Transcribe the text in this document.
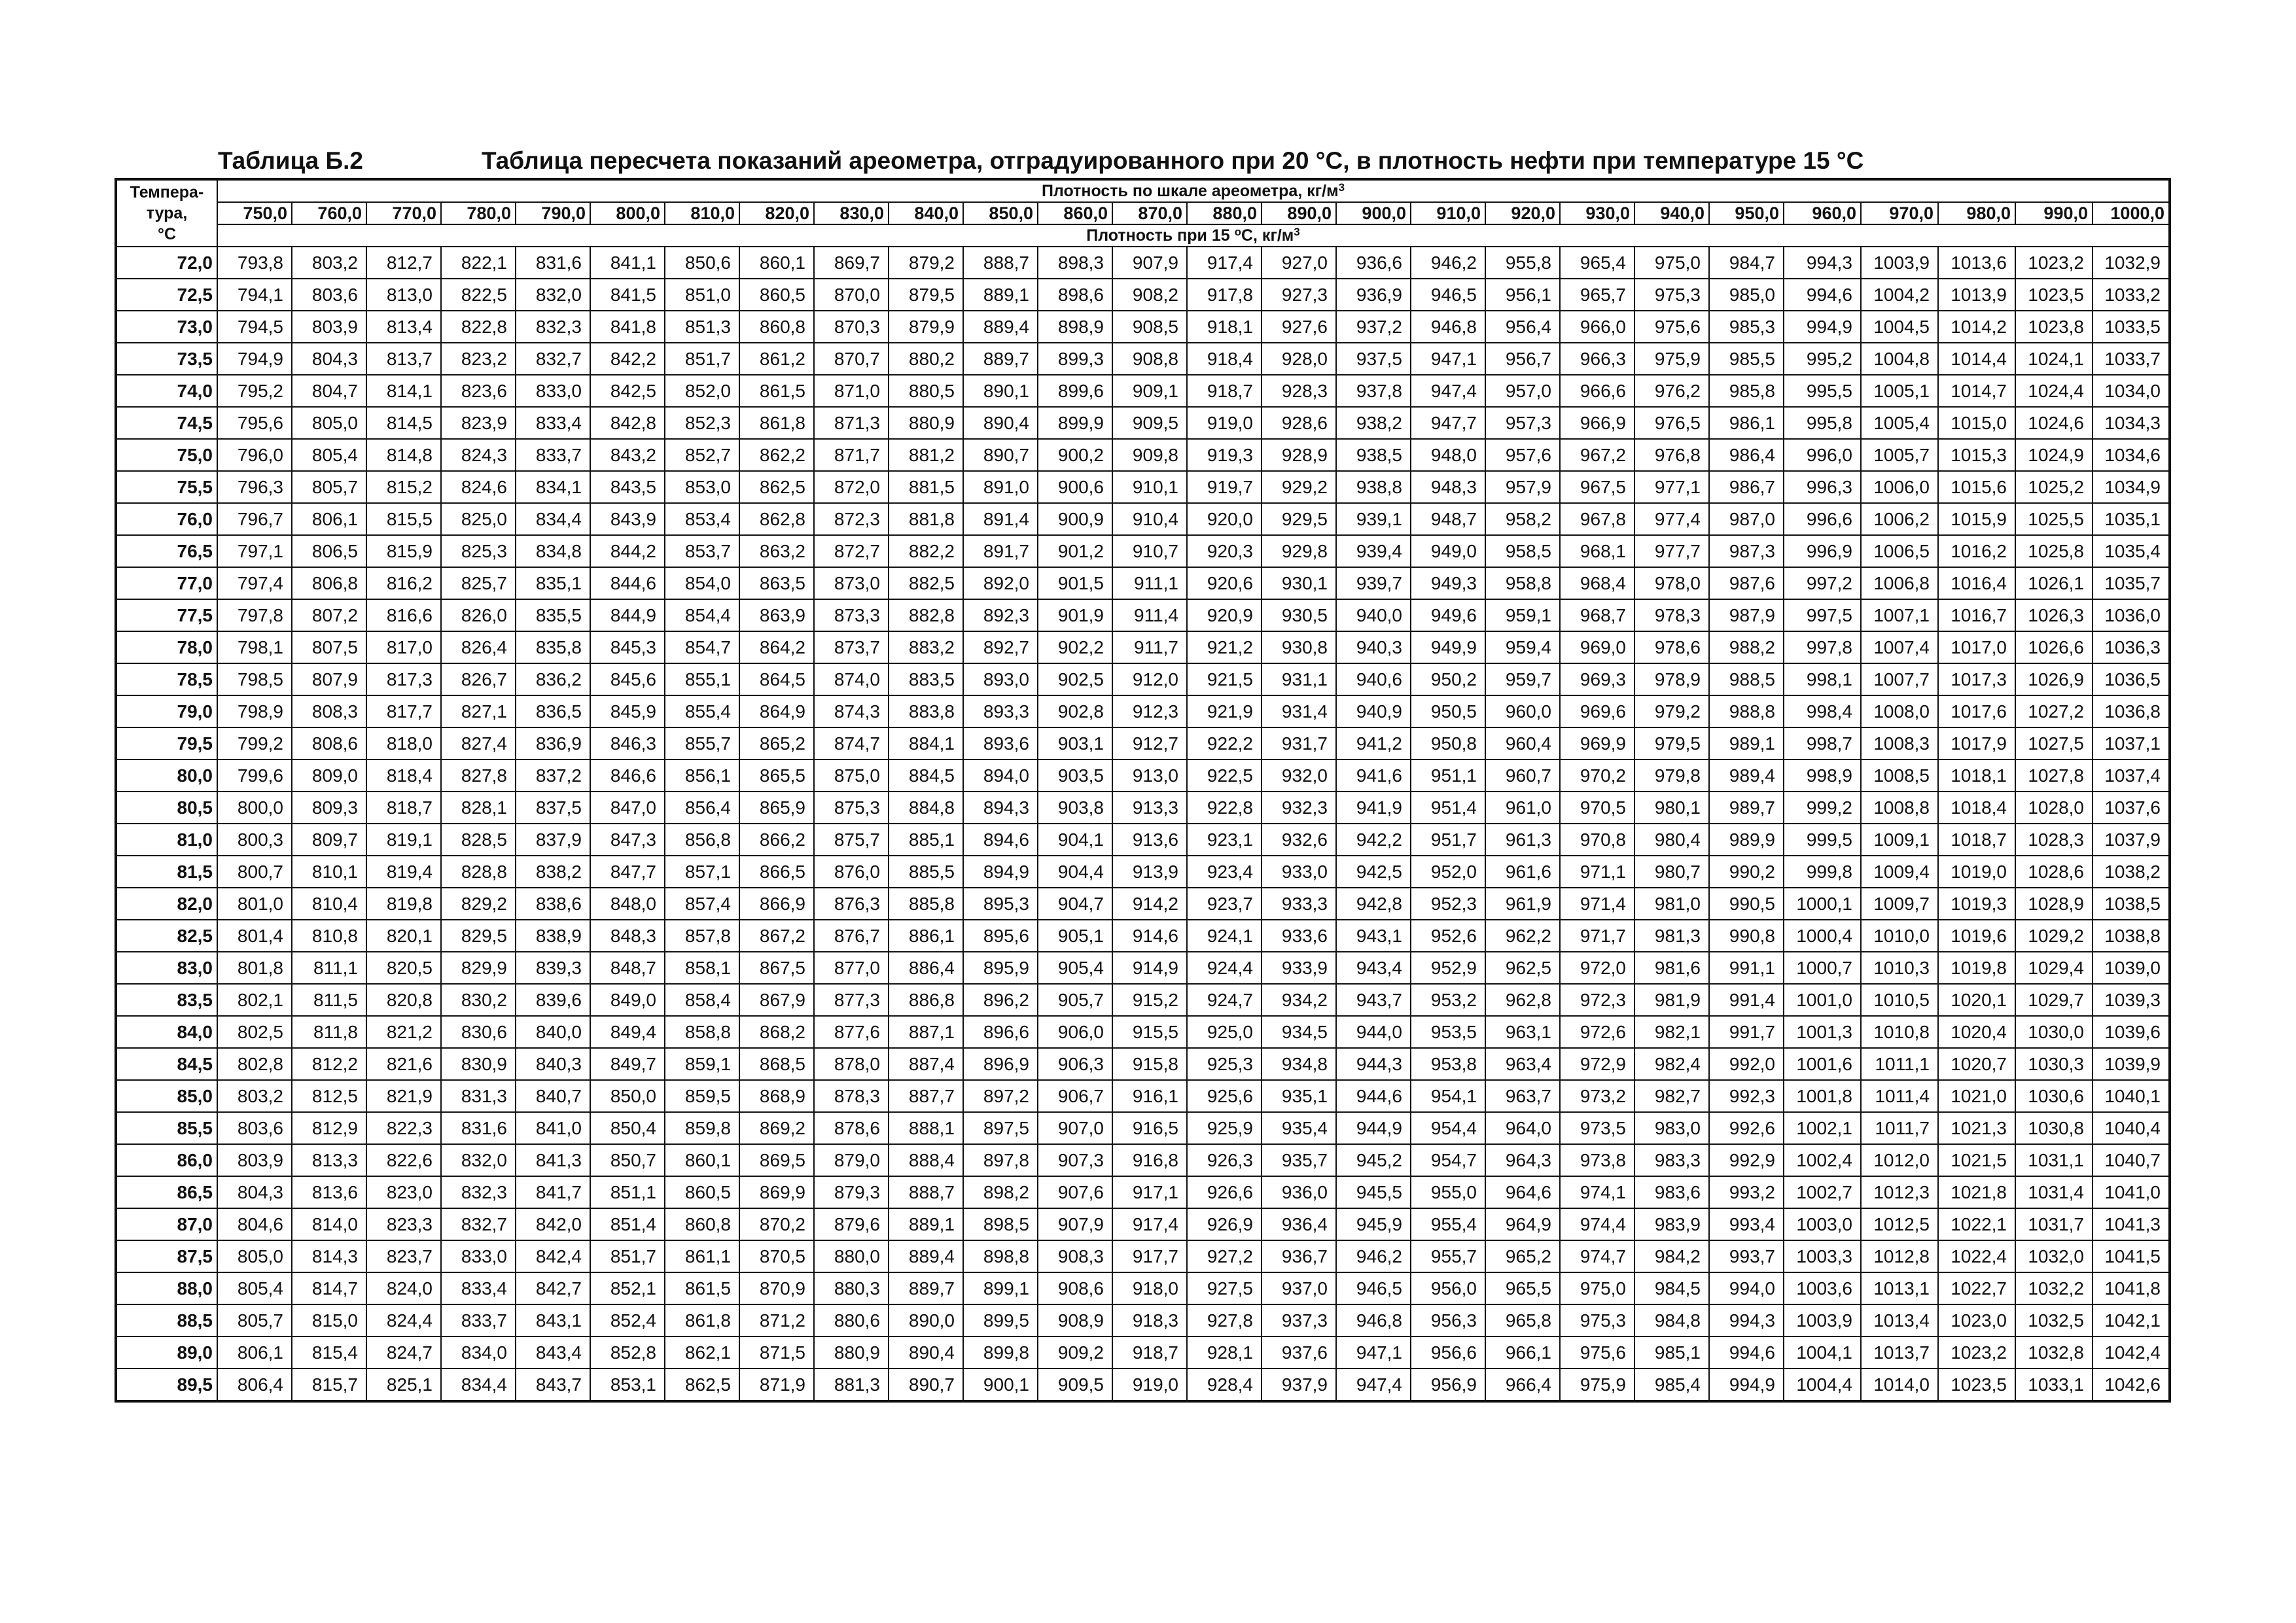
Таблица Б.2	Таблица пересчета показаний ареометра, отградуированного при 20 °C, в плотность нефти при температуре 15 °C
Темпера-
тура,
°C	Плотность по шкале ареометра, $кг/м^3$
	750,0	760,0	770,0	780,0	790,0	800,0	810,0	820,0	830,0	840,0	850,0	860,0	870,0	880,0	890,0	900,0	910,0	920,0	930,0	940,0	950,0	960,0	970,0	980,0	990,0	1000,0
	Плотность при 15 $^o$C, $кг/м^3$
72,0	793,8	803,2	812,7	822,1	831,6	841,1	850,6	860,1	869,7	879,2	888,7	898,3	907,9	917,4	927,0	936,6	946,2	955,8	965,4	975,0	984,7	994,3	1003,9	1013,6	1023,2	1032,9
72,5	794,1	803,6	813,0	822,5	832,0	841,5	851,0	860,5	870,0	879,5	889,1	898,6	908,2	917,8	927,3	936,9	946,5	956,1	965,7	975,3	985,0	994,6	1004,2	1013,9	1023,5	1033,2
73,0	794,5	803,9	813,4	822,8	832,3	841,8	851,3	860,8	870,3	879,9	889,4	898,9	908,5	918,1	927,6	937,2	946,8	956,4	966,0	975,6	985,3	994,9	1004,5	1014,2	1023,8	1033,5
73,5	794,9	804,3	813,7	823,2	832,7	842,2	851,7	861,2	870,7	880,2	889,7	899,3	908,8	918,4	928,0	937,5	947,1	956,7	966,3	975,9	985,5	995,2	1004,8	1014,4	1024,1	1033,7
74,0	795,2	804,7	814,1	823,6	833,0	842,5	852,0	861,5	871,0	880,5	890,1	899,6	909,1	918,7	928,3	937,8	947,4	957,0	966,6	976,2	985,8	995,5	1005,1	1014,7	1024,4	1034,0
74,5	795,6	805,0	814,5	823,9	833,4	842,8	852,3	861,8	871,3	880,9	890,4	899,9	909,5	919,0	928,6	938,2	947,7	957,3	966,9	976,5	986,1	995,8	1005,4	1015,0	1024,6	1034,3
75,0	796,0	805,4	814,8	824,3	833,7	843,2	852,7	862,2	871,7	881,2	890,7	900,2	909,8	919,3	928,9	938,5	948,0	957,6	967,2	976,8	986,4	996,0	1005,7	1015,3	1024,9	1034,6
75,5	796,3	805,7	815,2	824,6	834,1	843,5	853,0	862,5	872,0	881,5	891,0	900,6	910,1	919,7	929,2	938,8	948,3	957,9	967,5	977,1	986,7	996,3	1006,0	1015,6	1025,2	1034,9
76,0	796,7	806,1	815,5	825,0	834,4	843,9	853,4	862,8	872,3	881,8	891,4	900,9	910,4	920,0	929,5	939,1	948,7	958,2	967,8	977,4	987,0	996,6	1006,2	1015,9	1025,5	1035,1
76,5	797,1	806,5	815,9	825,3	834,8	844,2	853,7	863,2	872,7	882,2	891,7	901,2	910,7	920,3	929,8	939,4	949,0	958,5	968,1	977,7	987,3	996,9	1006,5	1016,2	1025,8	1035,4
77,0	797,4	806,8	816,2	825,7	835,1	844,6	854,0	863,5	873,0	882,5	892,0	901,5	911,1	920,6	930,1	939,7	949,3	958,8	968,4	978,0	987,6	997,2	1006,8	1016,4	1026,1	1035,7
77,5	797,8	807,2	816,6	826,0	835,5	844,9	854,4	863,9	873,3	882,8	892,3	901,9	911,4	920,9	930,5	940,0	949,6	959,1	968,7	978,3	987,9	997,5	1007,1	1016,7	1026,3	1036,0
78,0	798,1	807,5	817,0	826,4	835,8	845,3	854,7	864,2	873,7	883,2	892,7	902,2	911,7	921,2	930,8	940,3	949,9	959,4	969,0	978,6	988,2	997,8	1007,4	1017,0	1026,6	1036,3
78,5	798,5	807,9	817,3	826,7	836,2	845,6	855,1	864,5	874,0	883,5	893,0	902,5	912,0	921,5	931,1	940,6	950,2	959,7	969,3	978,9	988,5	998,1	1007,7	1017,3	1026,9	1036,5
79,0	798,9	808,3	817,7	827,1	836,5	845,9	855,4	864,9	874,3	883,8	893,3	902,8	912,3	921,9	931,4	940,9	950,5	960,0	969,6	979,2	988,8	998,4	1008,0	1017,6	1027,2	1036,8
79,5	799,2	808,6	818,0	827,4	836,9	846,3	855,7	865,2	874,7	884,1	893,6	903,1	912,7	922,2	931,7	941,2	950,8	960,4	969,9	979,5	989,1	998,7	1008,3	1017,9	1027,5	1037,1
80,0	799,6	809,0	818,4	827,8	837,2	846,6	856,1	865,5	875,0	884,5	894,0	903,5	913,0	922,5	932,0	941,6	951,1	960,7	970,2	979,8	989,4	998,9	1008,5	1018,1	1027,8	1037,4
80,5	800,0	809,3	818,7	828,1	837,5	847,0	856,4	865,9	875,3	884,8	894,3	903,8	913,3	922,8	932,3	941,9	951,4	961,0	970,5	980,1	989,7	999,2	1008,8	1018,4	1028,0	1037,6
81,0	800,3	809,7	819,1	828,5	837,9	847,3	856,8	866,2	875,7	885,1	894,6	904,1	913,6	923,1	932,6	942,2	951,7	961,3	970,8	980,4	989,9	999,5	1009,1	1018,7	1028,3	1037,9
81,5	800,7	810,1	819,4	828,8	838,2	847,7	857,1	866,5	876,0	885,5	894,9	904,4	913,9	923,4	933,0	942,5	952,0	961,6	971,1	980,7	990,2	999,8	1009,4	1019,0	1028,6	1038,2
82,0	801,0	810,4	819,8	829,2	838,6	848,0	857,4	866,9	876,3	885,8	895,3	904,7	914,2	923,7	933,3	942,8	952,3	961,9	971,4	981,0	990,5	1000,1	1009,7	1019,3	1028,9	1038,5
82,5	801,4	810,8	820,1	829,5	838,9	848,3	857,8	867,2	876,7	886,1	895,6	905,1	914,6	924,1	933,6	943,1	952,6	962,2	971,7	981,3	990,8	1000,4	1010,0	1019,6	1029,2	1038,8
83,0	801,8	811,1	820,5	829,9	839,3	848,7	858,1	867,5	877,0	886,4	895,9	905,4	914,9	924,4	933,9	943,4	952,9	962,5	972,0	981,6	991,1	1000,7	1010,3	1019,8	1029,4	1039,0
83,5	802,1	811,5	820,8	830,2	839,6	849,0	858,4	867,9	877,3	886,8	896,2	905,7	915,2	924,7	934,2	943,7	953,2	962,8	972,3	981,9	991,4	1001,0	1010,5	1020,1	1029,7	1039,3
84,0	802,5	811,8	821,2	830,6	840,0	849,4	858,8	868,2	877,6	887,1	896,6	906,0	915,5	925,0	934,5	944,0	953,5	963,1	972,6	982,1	991,7	1001,3	1010,8	1020,4	1030,0	1039,6
84,5	802,8	812,2	821,6	830,9	840,3	849,7	859,1	868,5	878,0	887,4	896,9	906,3	915,8	925,3	934,8	944,3	953,8	963,4	972,9	982,4	992,0	1001,6	1011,1	1020,7	1030,3	1039,9
85,0	803,2	812,5	821,9	831,3	840,7	850,0	859,5	868,9	878,3	887,7	897,2	906,7	916,1	925,6	935,1	944,6	954,1	963,7	973,2	982,7	992,3	1001,8	1011,4	1021,0	1030,6	1040,1
85,5	803,6	812,9	822,3	831,6	841,0	850,4	859,8	869,2	878,6	888,1	897,5	907,0	916,5	925,9	935,4	944,9	954,4	964,0	973,5	983,0	992,6	1002,1	1011,7	1021,3	1030,8	1040,4
86,0	803,9	813,3	822,6	832,0	841,3	850,7	860,1	869,5	879,0	888,4	897,8	907,3	916,8	926,3	935,7	945,2	954,7	964,3	973,8	983,3	992,9	1002,4	1012,0	1021,5	1031,1	1040,7
86,5	804,3	813,6	823,0	832,3	841,7	851,1	860,5	869,9	879,3	888,7	898,2	907,6	917,1	926,6	936,0	945,5	955,0	964,6	974,1	983,6	993,2	1002,7	1012,3	1021,8	1031,4	1041,0
87,0	804,6	814,0	823,3	832,7	842,0	851,4	860,8	870,2	879,6	889,1	898,5	907,9	917,4	926,9	936,4	945,9	955,4	964,9	974,4	983,9	993,4	1003,0	1012,5	1022,1	1031,7	1041,3
87,5	805,0	814,3	823,7	833,0	842,4	851,7	861,1	870,5	880,0	889,4	898,8	908,3	917,7	927,2	936,7	946,2	955,7	965,2	974,7	984,2	993,7	1003,3	1012,8	1022,4	1032,0	1041,5
88,0	805,4	814,7	824,0	833,4	842,7	852,1	861,5	870,9	880,3	889,7	899,1	908,6	918,0	927,5	937,0	946,5	956,0	965,5	975,0	984,5	994,0	1003,6	1013,1	1022,7	1032,2	1041,8
88,5	805,7	815,0	824,4	833,7	843,1	852,4	861,8	871,2	880,6	890,0	899,5	908,9	918,3	927,8	937,3	946,8	956,3	965,8	975,3	984,8	994,3	1003,9	1013,4	1023,0	1032,5	1042,1
89,0	806,1	815,4	824,7	834,0	843,4	852,8	862,1	871,5	880,9	890,4	899,8	909,2	918,7	928,1	937,6	947,1	956,6	966,1	975,6	985,1	994,6	1004,1	1013,7	1023,2	1032,8	1042,4
89,5	806,4	815,7	825,1	834,4	843,7	853,1	862,5	871,9	881,3	890,7	900,1	909,5	919,0	928,4	937,9	947,4	956,9	966,4	975,9	985,4	994,9	1004,4	1014,0	1023,5	1033,1	1042,6
